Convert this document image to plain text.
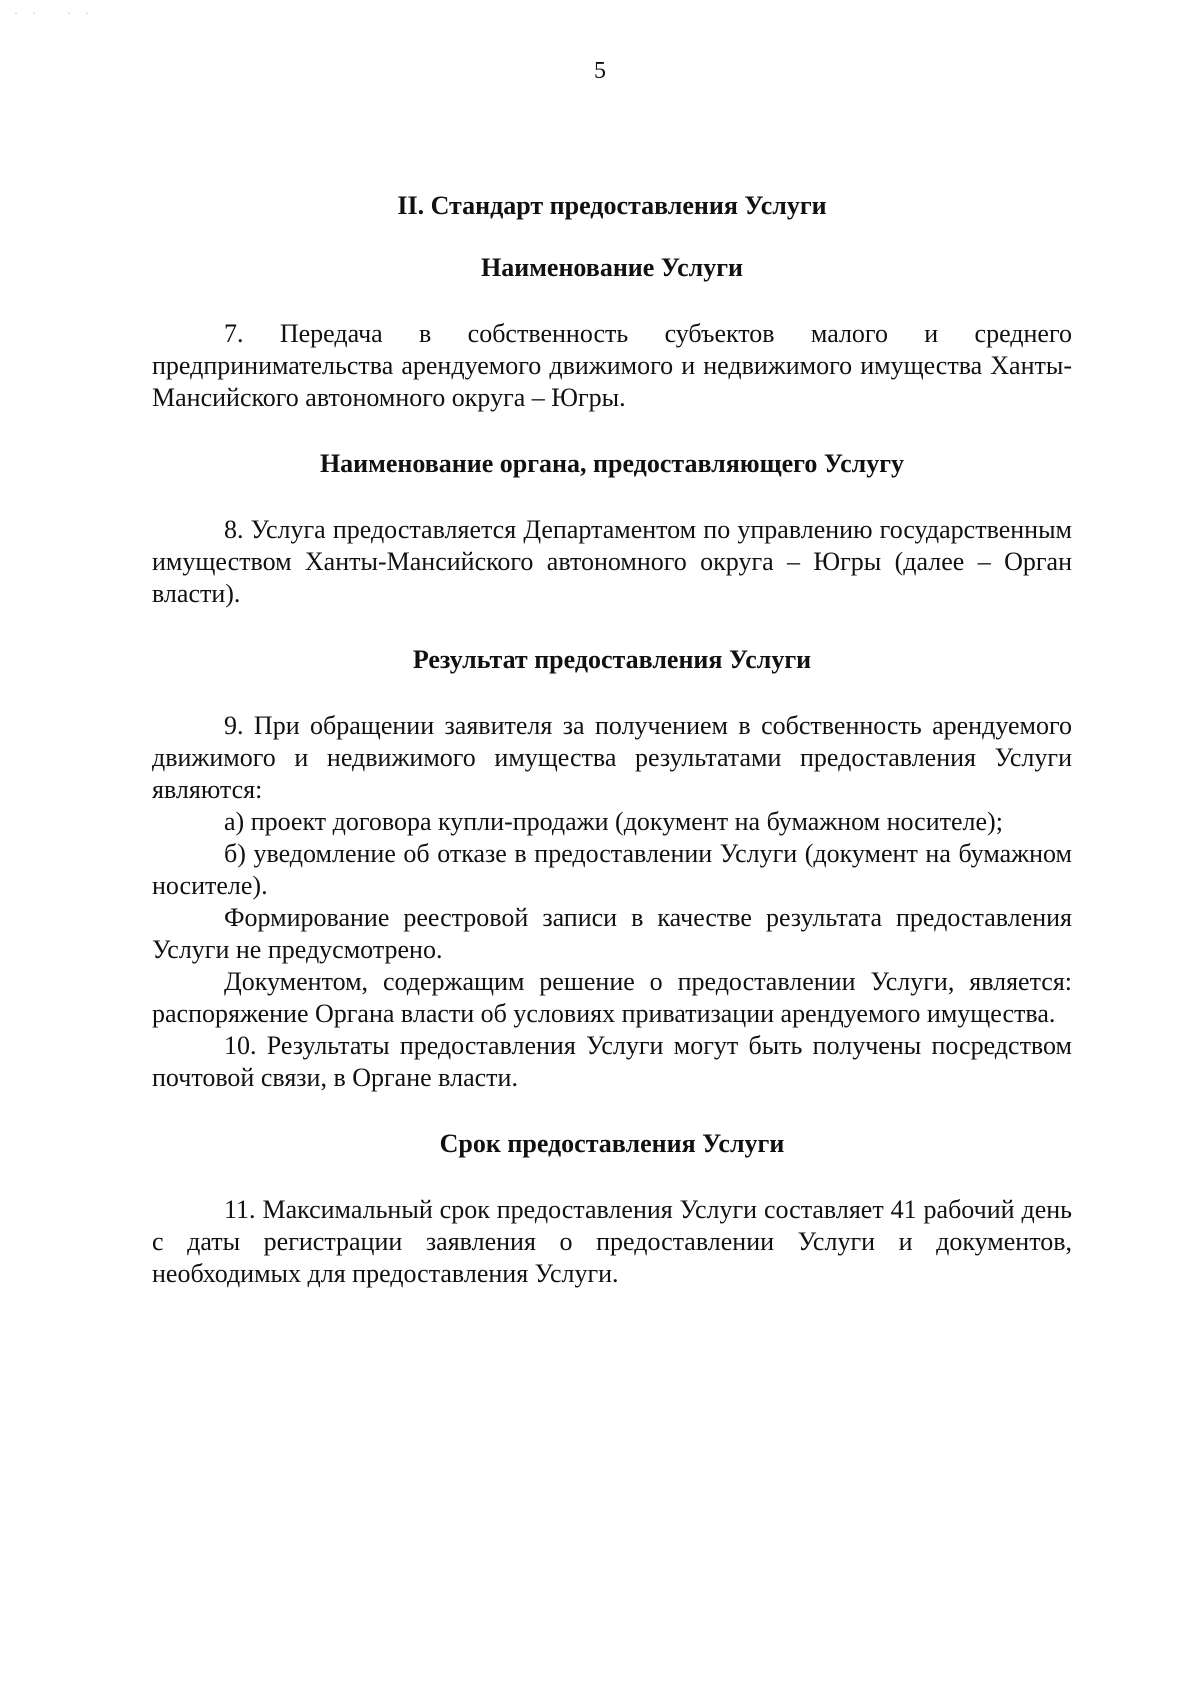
·· ··

5

II. Стандарт предоставления Услуги
Наименование Услуги

7. Передача в собственность субъектов малого и среднего предпринимательства арендуемого движимого и недвижимого имущества Ханты-Мансийского автономного округа – Югры.

Наименование органа, предоставляющего Услугу

8. Услуга предоставляется Департаментом по управлению государственным имуществом Ханты-Мансийского автономного округа – Югры (далее – Орган власти).

Результат предоставления Услуги

9. При обращении заявителя за получением в собственность арендуемого движимого и недвижимого имущества результатами предоставления Услуги являются:

а) проект договора купли-продажи (документ на бумажном носителе);

б) уведомление об отказе в предоставлении Услуги (документ на бумажном носителе).

Формирование реестровой записи в качестве результата предоставления Услуги не предусмотрено.

Документом, содержащим решение о предоставлении Услуги, является: распоряжение Органа власти об условиях приватизации арендуемого имущества.

10. Результаты предоставления Услуги могут быть получены посредством почтовой связи, в Органе власти.

Срок предоставления Услуги

11. Максимальный срок предоставления Услуги составляет 41 рабочий день с даты регистрации заявления о предоставлении Услуги и документов, необходимых для предоставления Услуги.
